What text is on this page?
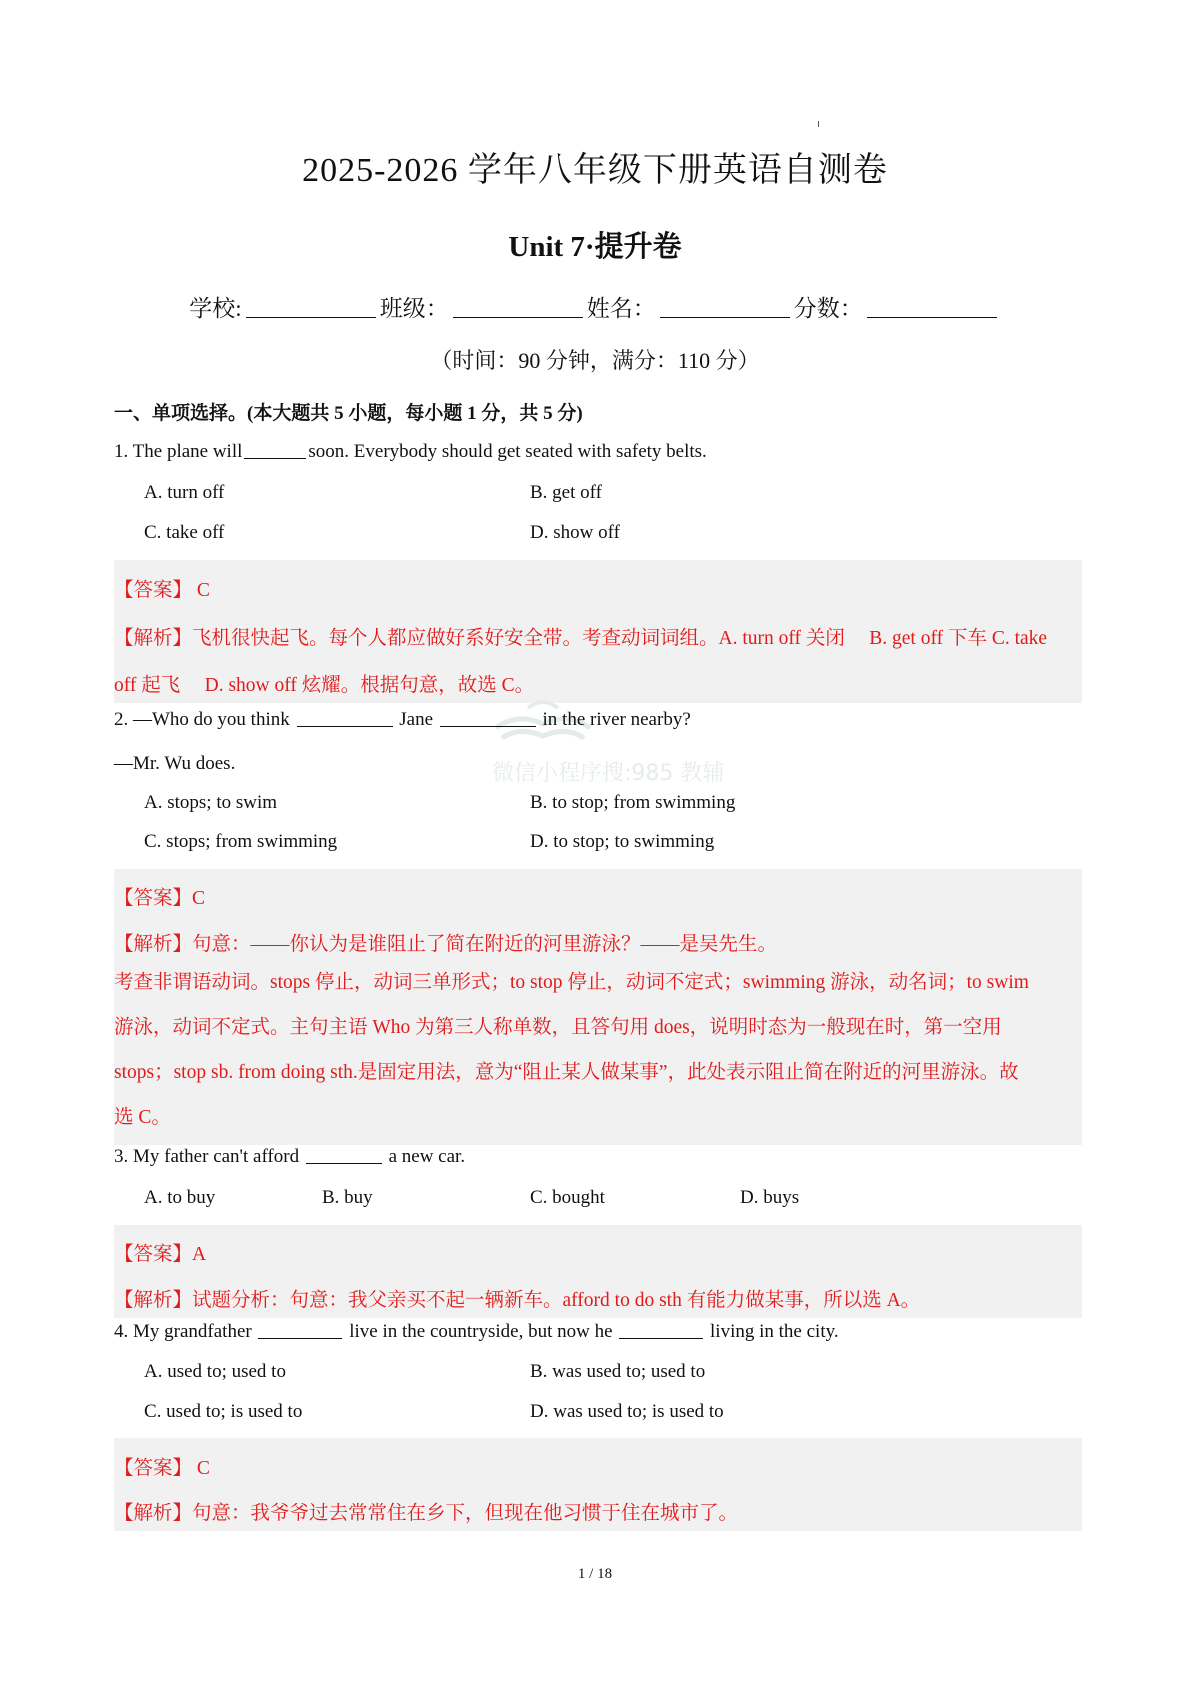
2025-2026 学年八年级下册英语自测卷
Unit 7·提升卷
学校:	班级：	姓名：	分数：
（时间：90 分钟，满分：110 分）
一、单项选择。(本大题共 5 小题，每小题 1 分，共 5 分)
1. The plane will	soon. Everybody should get seated with safety belts.
A. turn off	B. get off
C. take off	D. show off
【答案】 C
【解析】飞机很快起飞。每个人都应做好系好安全带。考查动词词组。A. turn off 关闭　 B. get off 下车 C. take
off 起飞　 D. show off 炫耀。根据句意，故选 C。
微信小程序搜:985 教辅
2. —Who do you think	Jane	in the river nearby?
—Mr. Wu does.
A. stops; to swim	B. to stop; from swimming
C. stops; from swimming	D. to stop; to swimming
【答案】C
【解析】句意：——你认为是谁阻止了简在附近的河里游泳？——是吴先生。
考查非谓语动词。stops 停止，动词三单形式；to stop 停止，动词不定式；swimming 游泳，动名词；to swim
游泳，动词不定式。主句主语 Who 为第三人称单数，且答句用 does，说明时态为一般现在时，第一空用
stops；stop sb. from doing sth.是固定用法，意为“阻止某人做某事”，此处表示阻止简在附近的河里游泳。故
选 C。
3. My father can't afford	a new car.
A. to buy	B. buy	C. bought	D. buys
【答案】A
【解析】试题分析：句意：我父亲买不起一辆新车。afford to do sth 有能力做某事，所以选 A。
4. My grandfather	live in the countryside, but now he	living in the city.
A. used to; used to	B. was used to; used to
C. used to; is used to	D. was used to; is used to
【答案】 C
【解析】句意：我爷爷过去常常住在乡下，但现在他习惯于住在城市了。
1 / 18
